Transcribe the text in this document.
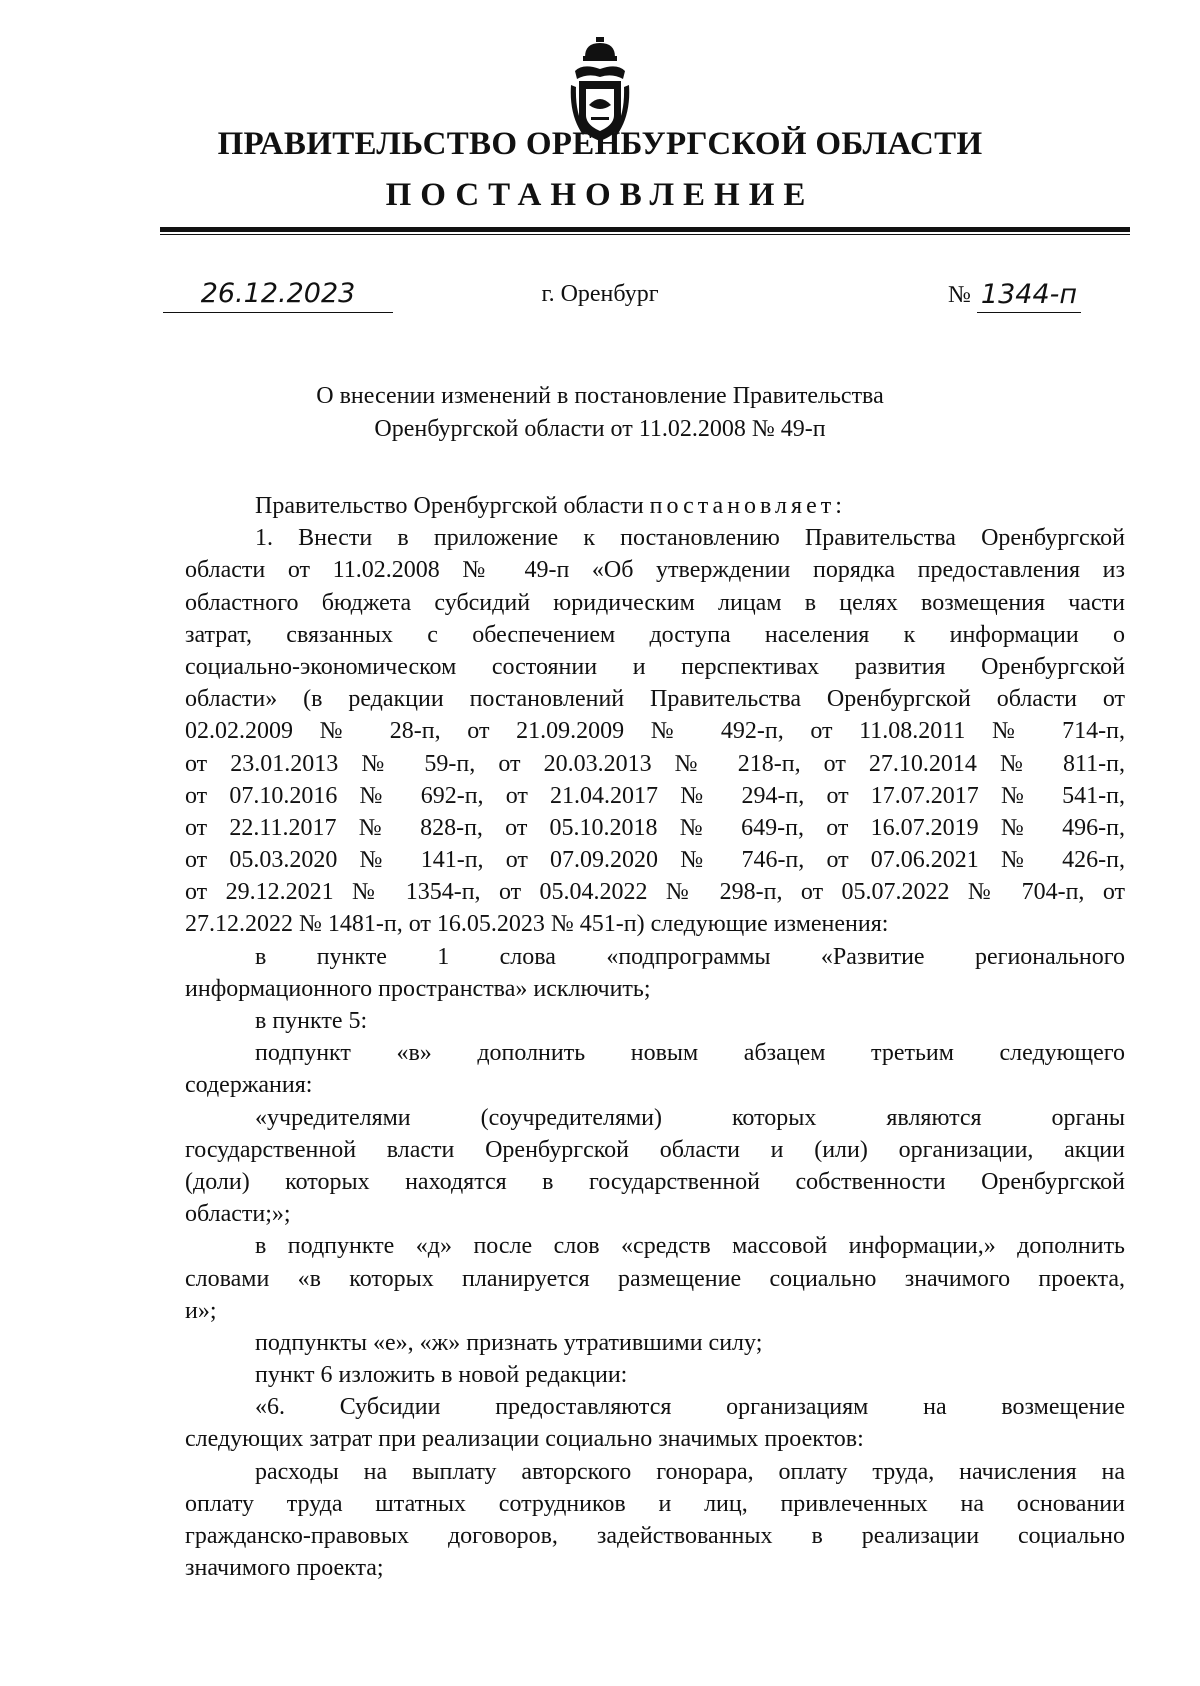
ПРАВИТЕЛЬСТВО ОРЕНБУРГСКОЙ ОБЛАСТИ
ПОСТАНОВЛЕНИЕ
26.12.2023	г. Оренбург	№ 1344-п
О внесении изменений в постановление Правительства
Оренбургской области от 11.02.2008 № 49-п
Правительство Оренбургской области постановляет:
1. Внести в приложение к постановлению Правительства Оренбургской
области от 11.02.2008 № 49-п «Об утверждении порядка предоставления из
областного бюджета субсидий юридическим лицам в целях возмещения части
затрат, связанных с обеспечением доступа населения к информации о
социально-экономическом состоянии и перспективах развития Оренбургской
области» (в редакции постановлений Правительства Оренбургской области от
02.02.2009 № 28-п, от 21.09.2009 № 492-п, от 11.08.2011 № 714-п,
от 23.01.2013 № 59-п, от 20.03.2013 № 218-п, от 27.10.2014 № 811-п,
от 07.10.2016 № 692-п, от 21.04.2017 № 294-п, от 17.07.2017 № 541-п,
от 22.11.2017 № 828-п, от 05.10.2018 № 649-п, от 16.07.2019 № 496-п,
от 05.03.2020 № 141-п, от 07.09.2020 № 746-п, от 07.06.2021 № 426-п,
от 29.12.2021 № 1354-п, от 05.04.2022 № 298-п, от 05.07.2022 № 704-п, от
27.12.2022 № 1481-п, от 16.05.2023 № 451-п) следующие изменения:
в пункте 1 слова «подпрограммы «Развитие регионального
информационного пространства» исключить;
в пункте 5:
подпункт «в» дополнить новым абзацем третьим следующего
содержания:
«учредителями (соучредителями) которых являются органы
государственной власти Оренбургской области и (или) организации, акции
(доли) которых находятся в государственной собственности Оренбургской
области;»;
в подпункте «д» после слов «средств массовой информации,» дополнить
словами «в которых планируется размещение социально значимого проекта,
и»;
подпункты «е», «ж» признать утратившими силу;
пункт 6 изложить в новой редакции:
«6. Субсидии предоставляются организациям на возмещение
следующих затрат при реализации социально значимых проектов:
расходы на выплату авторского гонорара, оплату труда, начисления на
оплату труда штатных сотрудников и лиц, привлеченных на основании
гражданско-правовых договоров, задействованных в реализации социально
значимого проекта;
